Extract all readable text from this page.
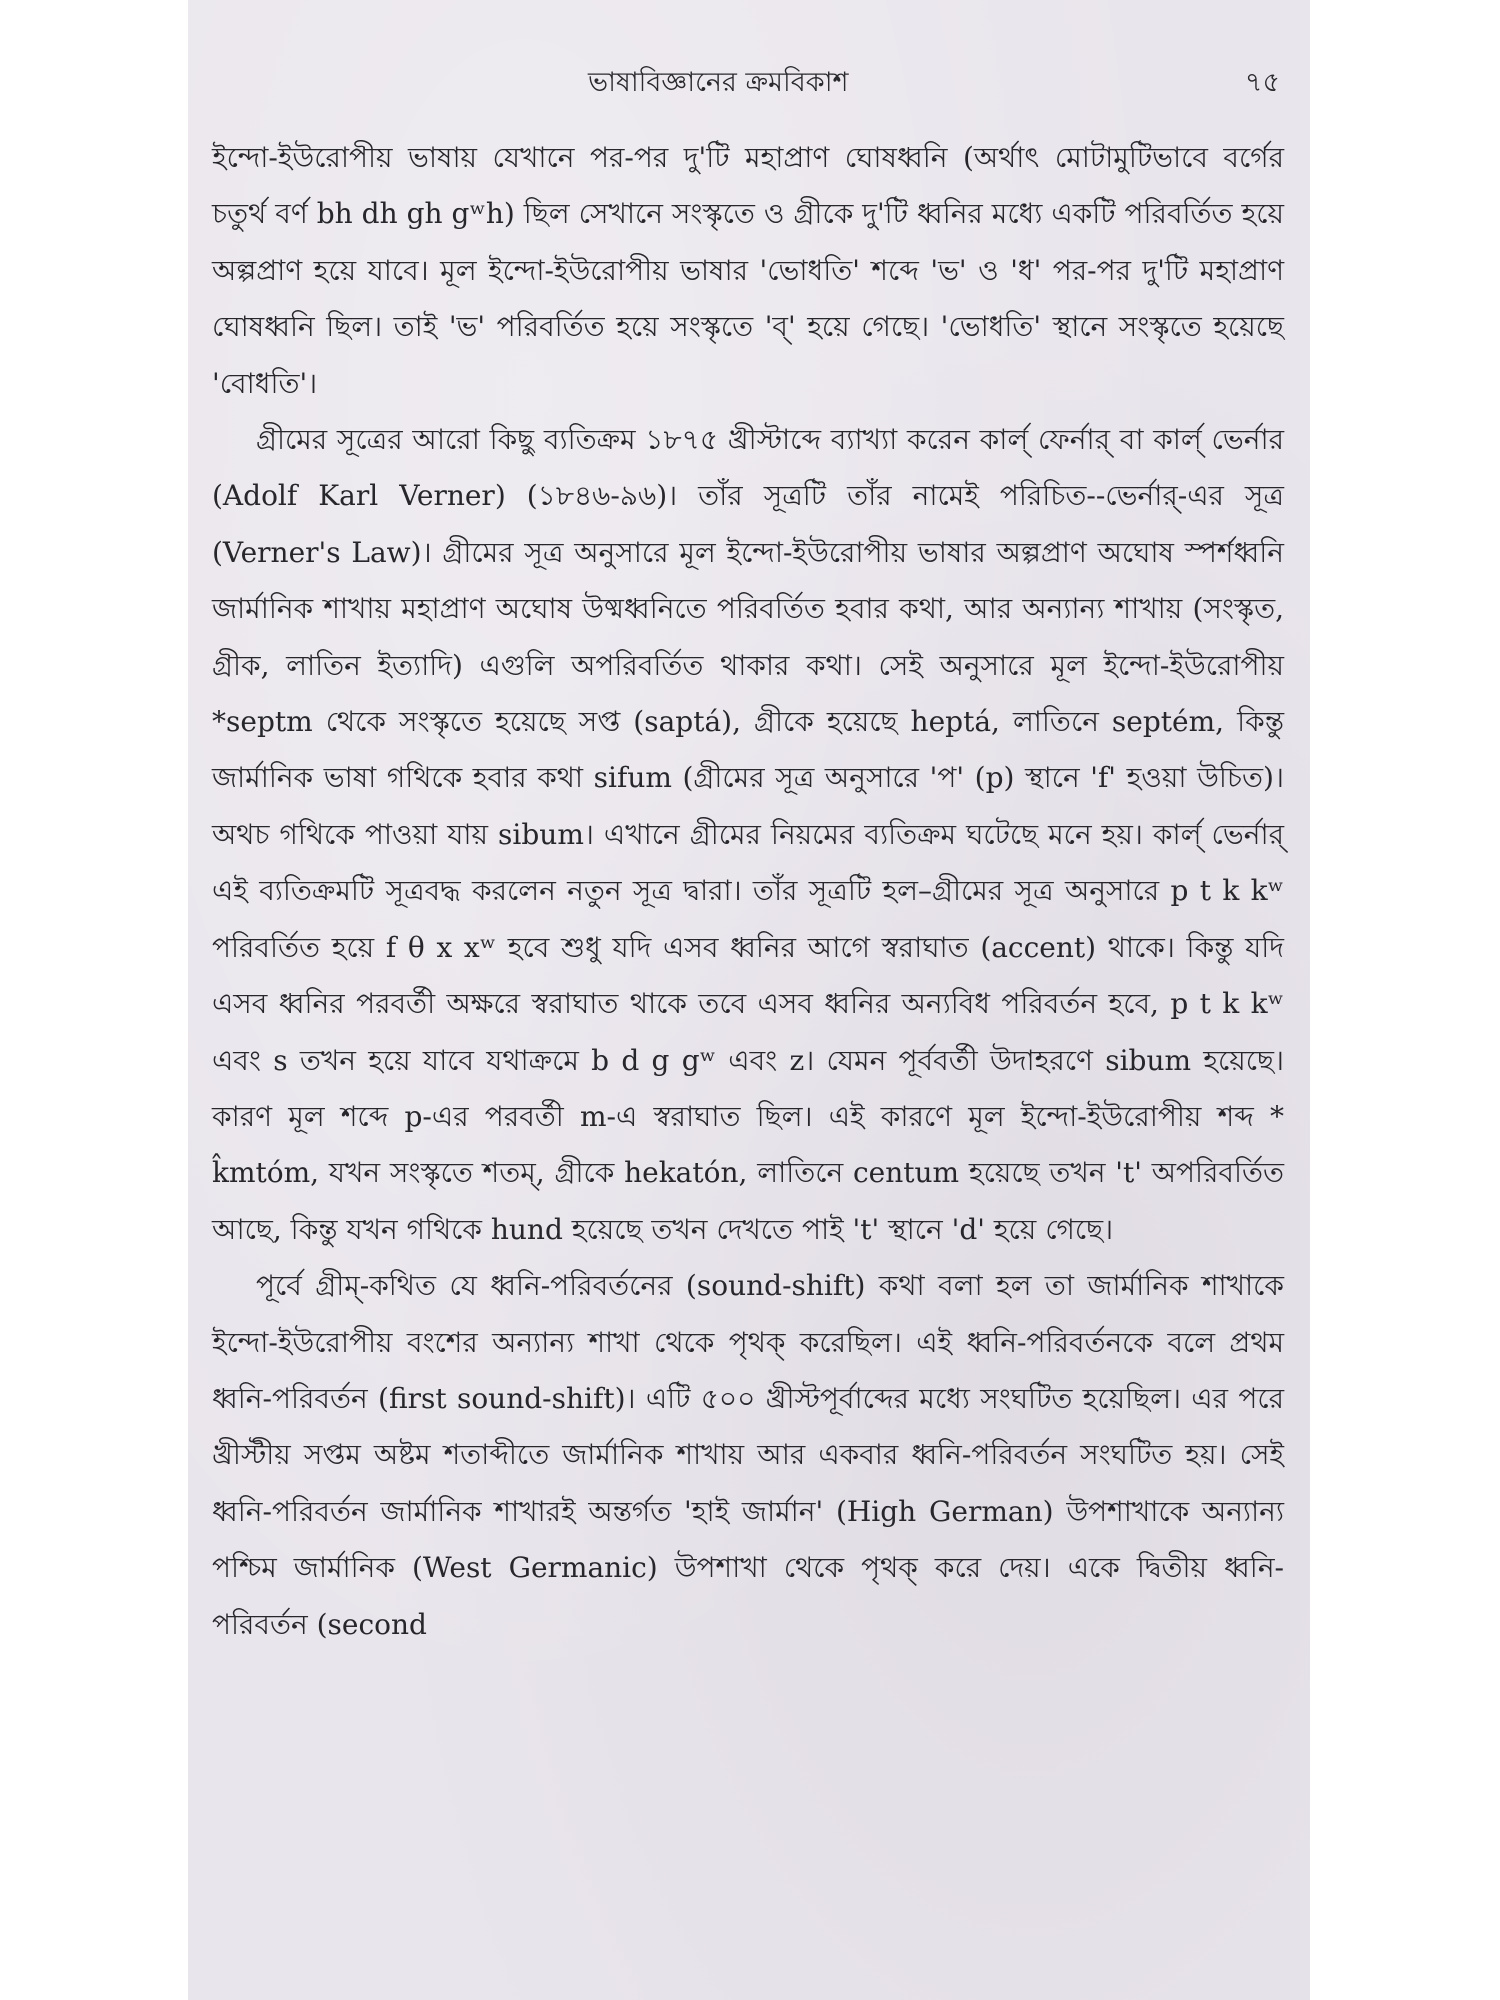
ভাষাবিজ্ঞানের ক্রমবিকাশ	৭৫

ইন্দো-ইউরোপীয় ভাষায় যেখানে পর-পর দু'টি মহাপ্রাণ ঘোষধ্বনি (অর্থাৎ মোটামুটিভাবে বর্গের চতুর্থ বর্ণ bh dh gh gʷh) ছিল সেখানে সংস্কৃতে ও গ্রীকে দু'টি ধ্বনির মধ্যে একটি পরিবর্তিত হয়ে অল্পপ্রাণ হয়ে যাবে। মূল ইন্দো-ইউরোপীয় ভাষার 'ভোধতি' শব্দে 'ভ' ও 'ধ' পর-পর দু'টি মহাপ্রাণ ঘোষধ্বনি ছিল। তাই 'ভ' পরিবর্তিত হয়ে সংস্কৃতে 'ব্' হয়ে গেছে। 'ভোধতি' স্থানে সংস্কৃতে হয়েছে 'বোধতি'।

গ্রীমের সূত্রের আরো কিছু ব্যতিক্রম ১৮৭৫ খ্রীস্টাব্দে ব্যাখ্যা করেন কার্ল্ ফের্নার্ বা কার্ল্ ভের্নার (Adolf Karl Verner) (১৮৪৬-৯৬)। তাঁর সূত্রটি তাঁর নামেই পরিচিত--ভের্নার্-এর সূত্র (Verner's Law)। গ্রীমের সূত্র অনুসারে মূল ইন্দো-ইউরোপীয় ভাষার অল্পপ্রাণ অঘোষ স্পর্শধ্বনি জার্মানিক শাখায় মহাপ্রাণ অঘোষ উষ্মধ্বনিতে পরিবর্তিত হবার কথা, আর অন্যান্য শাখায় (সংস্কৃত, গ্রীক, লাতিন ইত্যাদি) এগুলি অপরিবর্তিত থাকার কথা। সেই অনুসারে মূল ইন্দো-ইউরোপীয় *septm থেকে সংস্কৃতে হয়েছে সপ্ত (saptá), গ্রীকে হয়েছে heptá, লাতিনে septém, কিন্তু জার্মানিক ভাষা গথিকে হবার কথা sifum (গ্রীমের সূত্র অনুসারে 'প' (p) স্থানে 'f' হওয়া উচিত)। অথচ গথিকে পাওয়া যায় sibum। এখানে গ্রীমের নিয়মের ব্যতিক্রম ঘটেছে মনে হয়। কার্ল্ ভের্নার্ এই ব্যতিক্রমটি সূত্রবদ্ধ করলেন নতুন সূত্র দ্বারা। তাঁর সূত্রটি হল–গ্রীমের সূত্র অনুসারে p t k kʷ পরিবর্তিত হয়ে f θ x xʷ হবে শুধু যদি এসব ধ্বনির আগে স্বরাঘাত (accent) থাকে। কিন্তু যদি এসব ধ্বনির পরবর্তী অক্ষরে স্বরাঘাত থাকে তবে এসব ধ্বনির অন্যবিধ পরিবর্তন হবে, p t k kʷ এবং s তখন হয়ে যাবে যথাক্রমে b d g gʷ এবং z। যেমন পূর্ববর্তী উদাহরণে sibum হয়েছে। কারণ মূল শব্দে p-এর পরবর্তী m-এ স্বরাঘাত ছিল। এই কারণে মূল ইন্দো-ইউরোপীয় শব্দ * k̂mtóm, যখন সংস্কৃতে শতম্, গ্রীকে hekatón, লাতিনে centum হয়েছে তখন 't' অপরিবর্তিত আছে, কিন্তু যখন গথিকে hund হয়েছে তখন দেখতে পাই 't' স্থানে 'd' হয়ে গেছে।

পূর্বে গ্রীম্-কথিত যে ধ্বনি-পরিবর্তনের (sound-shift) কথা বলা হল তা জার্মানিক শাখাকে ইন্দো-ইউরোপীয় বংশের অন্যান্য শাখা থেকে পৃথক্ করেছিল। এই ধ্বনি-পরিবর্তনকে বলে প্রথম ধ্বনি-পরিবর্তন (first sound-shift)। এটি ৫০০ খ্রীস্টপূর্বাব্দের মধ্যে সংঘটিত হয়েছিল। এর পরে খ্রীস্টীয় সপ্তম অষ্টম শতাব্দীতে জার্মানিক শাখায় আর একবার ধ্বনি-পরিবর্তন সংঘটিত হয়। সেই ধ্বনি-পরিবর্তন জার্মানিক শাখারই অন্তর্গত 'হাই জার্মান' (High German) উপশাখাকে অন্যান্য পশ্চিম জার্মানিক (West Germanic) উপশাখা থেকে পৃথক্ করে দেয়। একে দ্বিতীয় ধ্বনি-পরিবর্তন (second
